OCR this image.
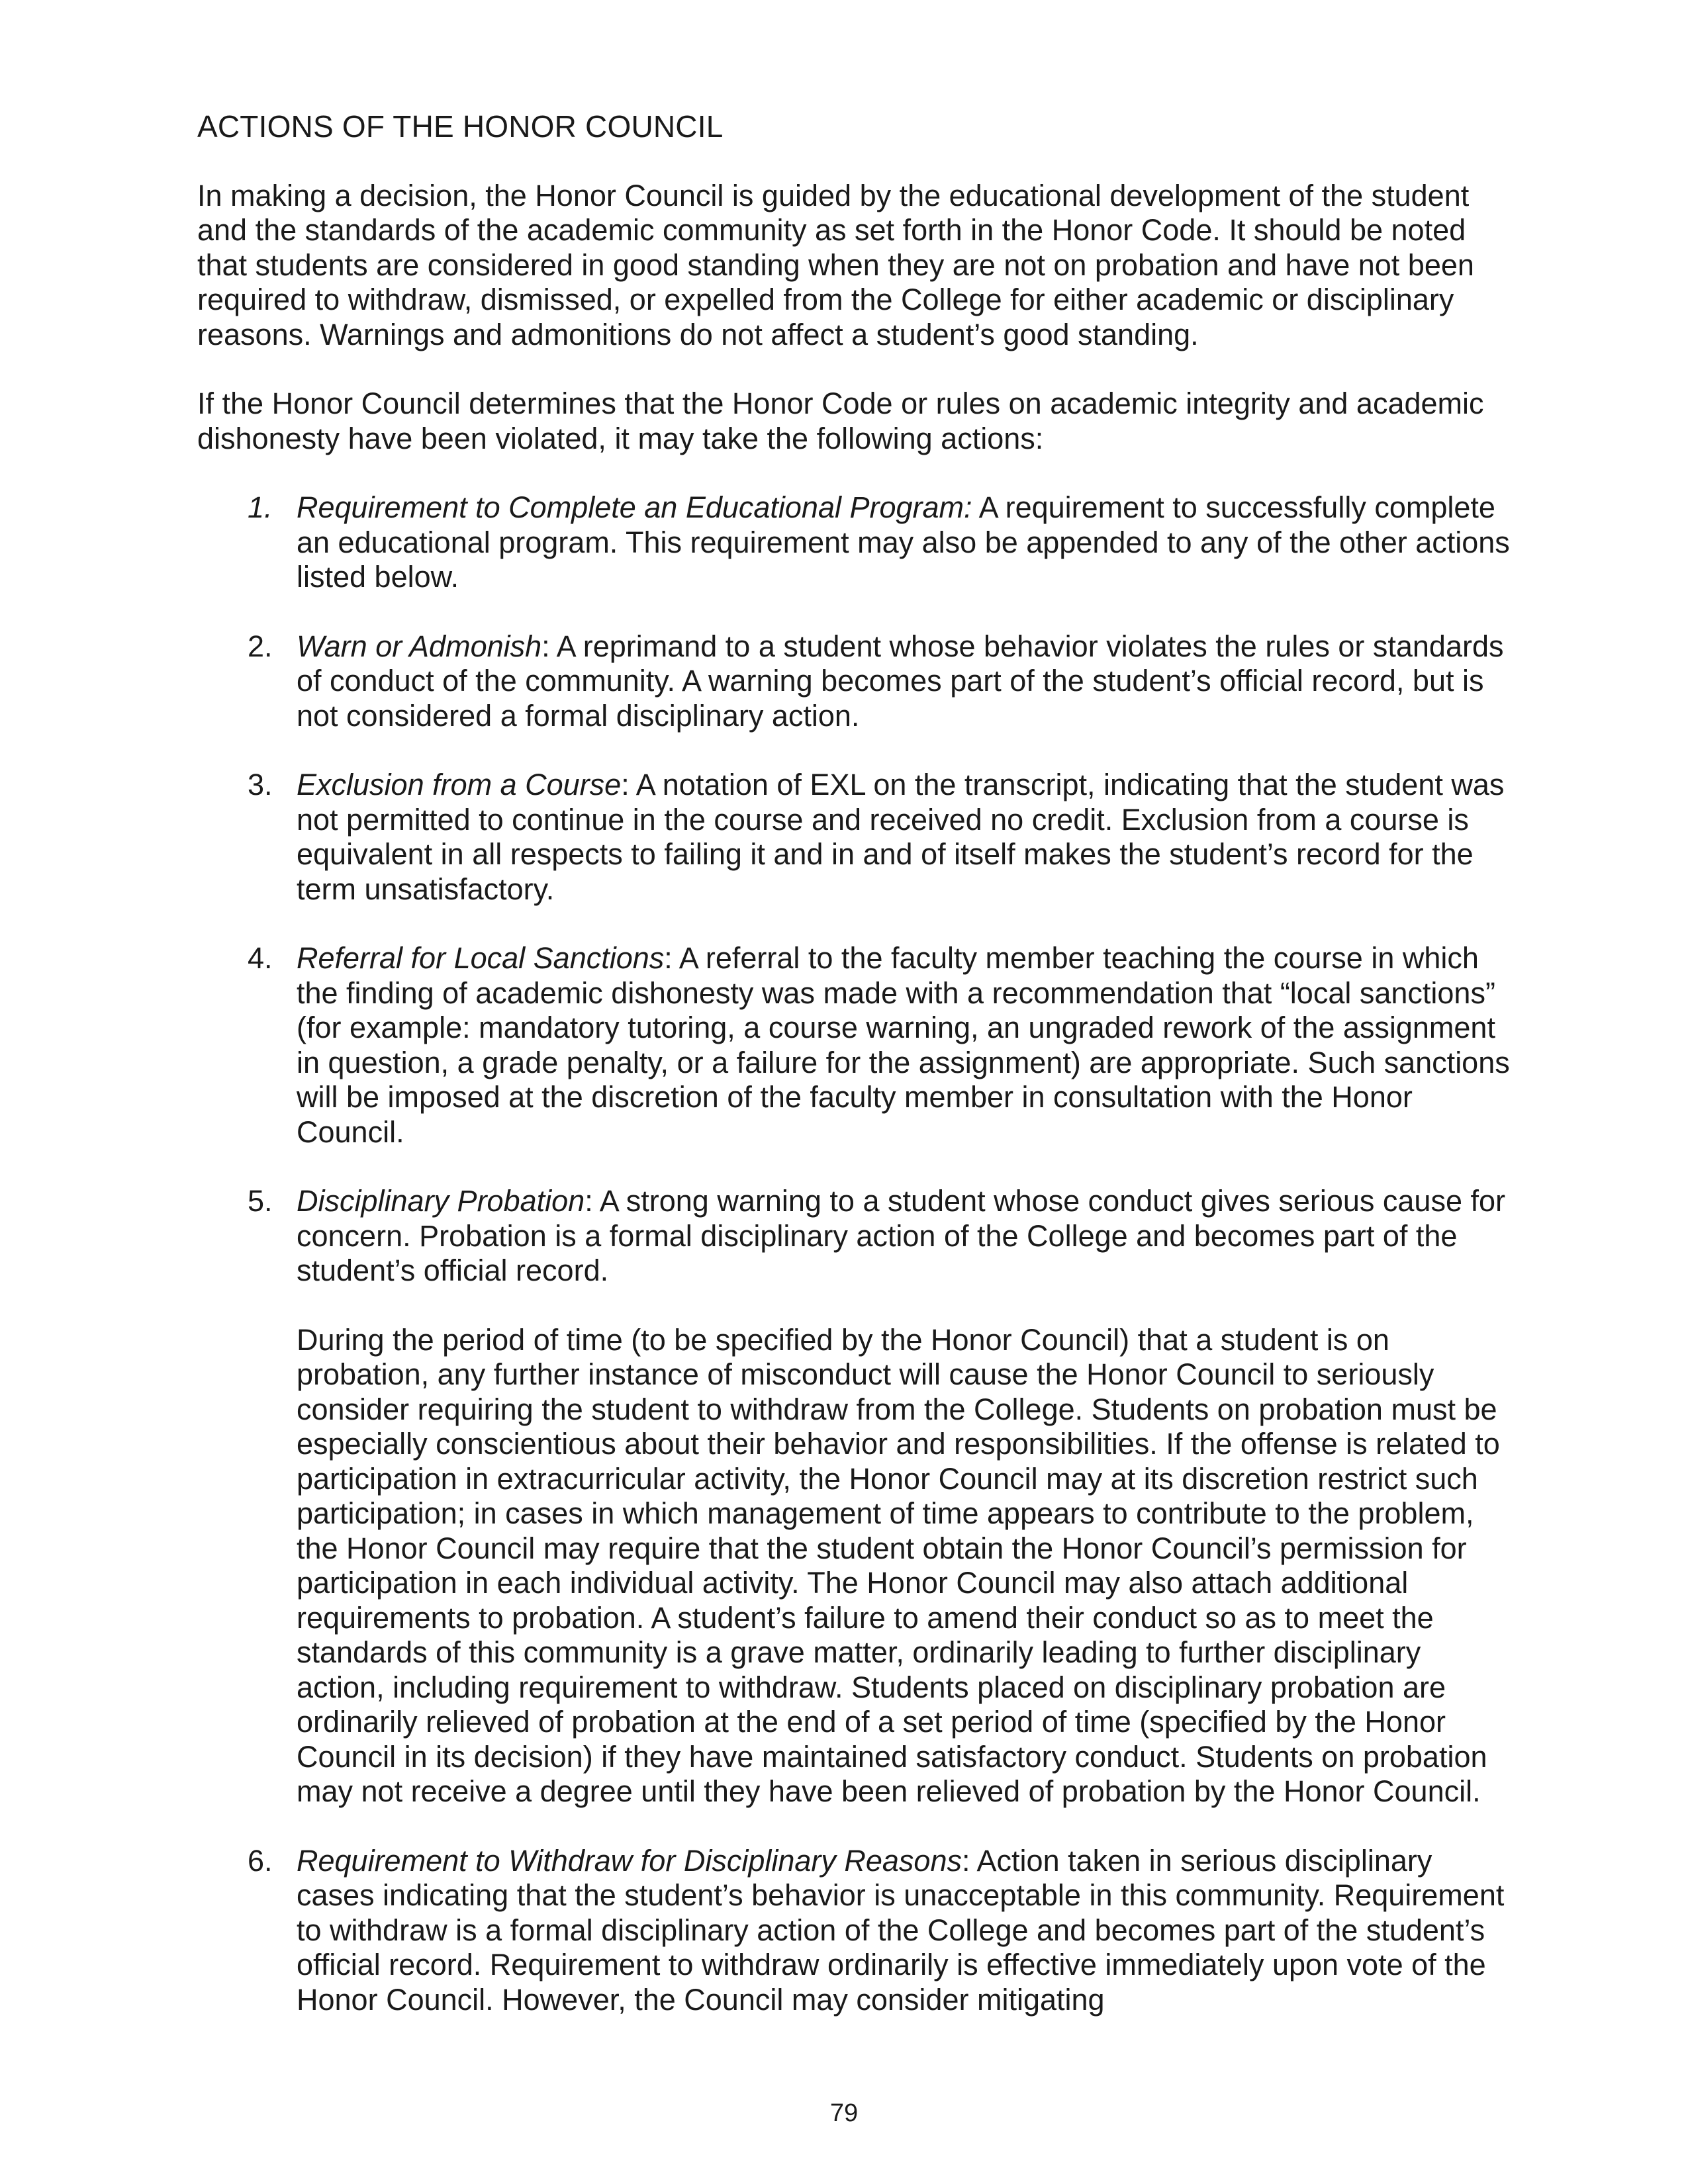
ACTIONS OF THE HONOR COUNCIL

In making a decision, the Honor Council is guided by the educational development of the student and the standards of the academic community as set forth in the Honor Code. It should be noted that students are considered in good standing when they are not on probation and have not been required to withdraw, dismissed, or expelled from the College for either academic or disciplinary reasons. Warnings and admonitions do not affect a student’s good standing.

If the Honor Council determines that the Honor Code or rules on academic integrity and academic dishonesty have been violated, it may take the following actions:

1. Requirement to Complete an Educational Program: A requirement to successfully complete an educational program. This requirement may also be appended to any of the other actions listed below.
2. Warn or Admonish: A reprimand to a student whose behavior violates the rules or standards of conduct of the community. A warning becomes part of the student’s official record, but is not considered a formal disciplinary action.
3. Exclusion from a Course: A notation of EXL on the transcript, indicating that the student was not permitted to continue in the course and received no credit. Exclusion from a course is equivalent in all respects to failing it and in and of itself makes the student’s record for the term unsatisfactory.
4. Referral for Local Sanctions: A referral to the faculty member teaching the course in which the finding of academic dishonesty was made with a recommendation that “local sanctions” (for example: mandatory tutoring, a course warning, an ungraded rework of the assignment in question, a grade penalty, or a failure for the assignment) are appropriate. Such sanctions will be imposed at the discretion of the faculty member in consultation with the Honor Council.
5. Disciplinary Probation: A strong warning to a student whose conduct gives serious cause for concern. Probation is a formal disciplinary action of the College and becomes part of the student’s official record.
During the period of time (to be specified by the Honor Council) that a student is on probation, any further instance of misconduct will cause the Honor Council to seriously consider requiring the student to withdraw from the College. Students on probation must be especially conscientious about their behavior and responsibilities. If the offense is related to participation in extracurricular activity, the Honor Council may at its discretion restrict such participation; in cases in which management of time appears to contribute to the problem, the Honor Council may require that the student obtain the Honor Council’s permission for participation in each individual activity. The Honor Council may also attach additional requirements to probation. A student’s failure to amend their conduct so as to meet the standards of this community is a grave matter, ordinarily leading to further disciplinary action, including requirement to withdraw. Students placed on disciplinary probation are ordinarily relieved of probation at the end of a set period of time (specified by the Honor Council in its decision) if they have maintained satisfactory conduct. Students on probation may not receive a degree until they have been relieved of probation by the Honor Council.
6. Requirement to Withdraw for Disciplinary Reasons: Action taken in serious disciplinary cases indicating that the student’s behavior is unacceptable in this community. Requirement to withdraw is a formal disciplinary action of the College and becomes part of the student’s official record. Requirement to withdraw ordinarily is effective immediately upon vote of the Honor Council. However, the Council may consider mitigating
79
